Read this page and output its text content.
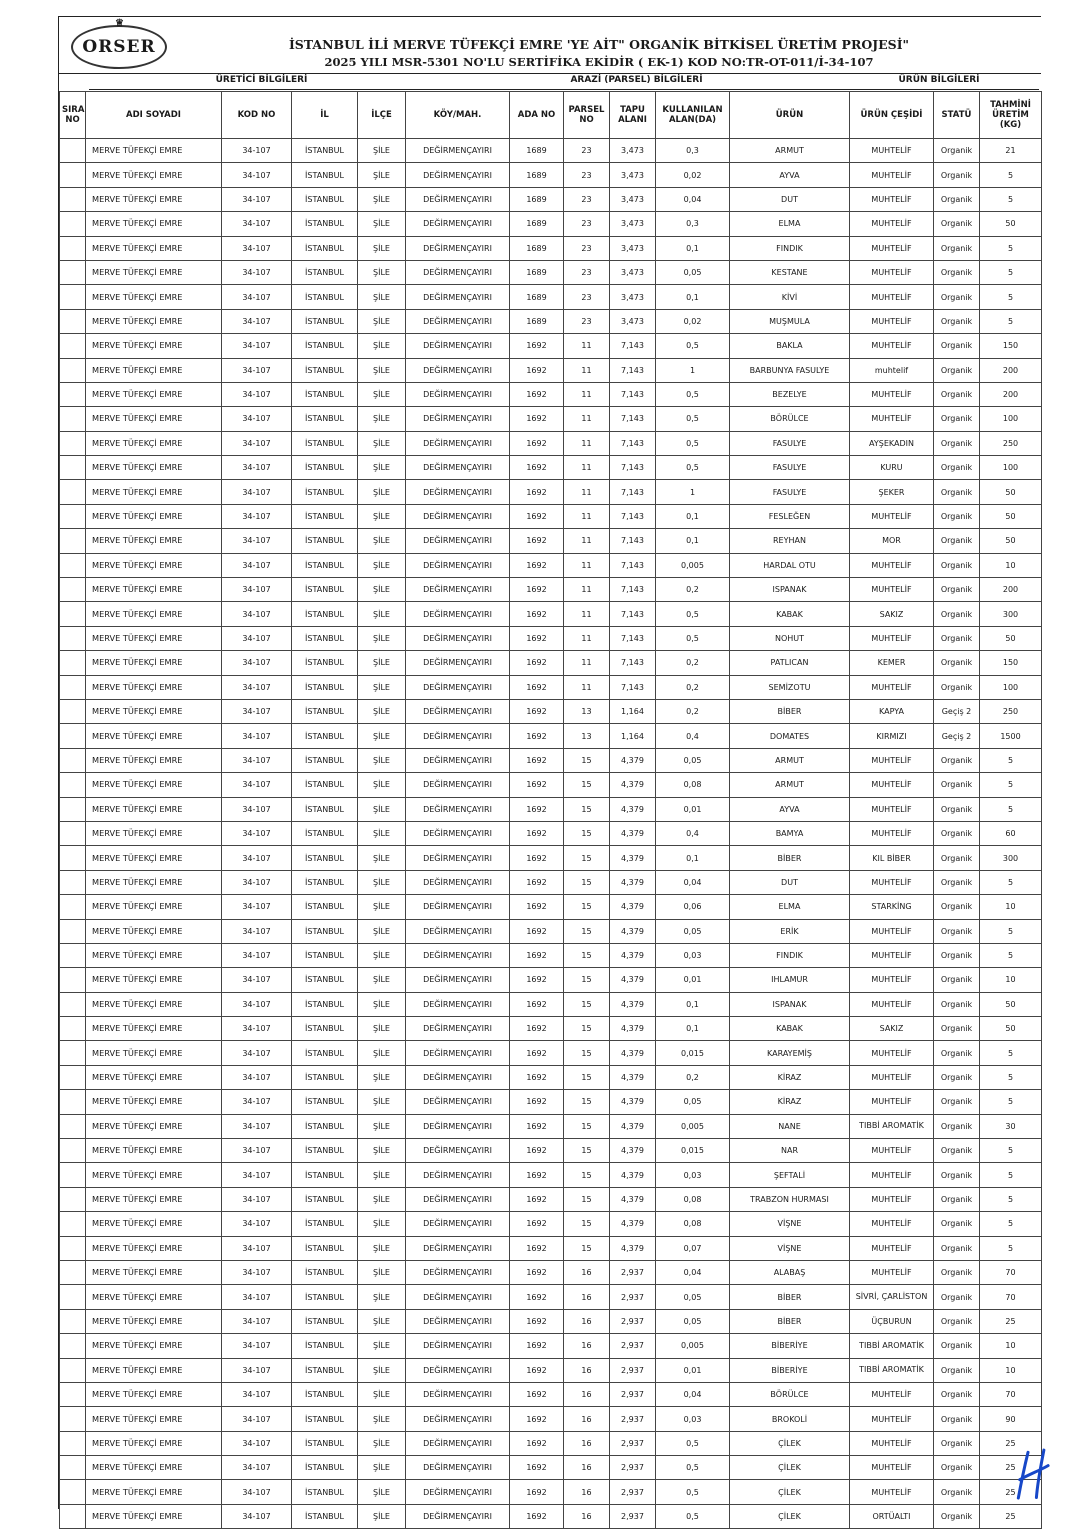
♕
ORSER	İSTANBUL İLİ MERVE TÜFEKÇİ EMRE 'YE AİT" ORGANİK BİTKİSEL ÜRETİM PROJESİ"
2025 YILI MSR-5301 NO'LU SERTİFİKA EKİDİR ( EK-1) KOD NO:TR-OT-011/İ-34-107
ÜRETİCİ BİLGİLERİ	ARAZİ (PARSEL) BİLGİLERİ	ÜRÜN BİLGİLERİ
SIRA NO	ADI SOYADI	KOD NO	İL	İLÇE	KÖY/MAH.	ADA NO	PARSEL NO	TAPU ALANI	KULLANILAN ALAN(DA)	ÜRÜN	ÜRÜN ÇEŞİDİ	STATÜ	TAHMİNİ ÜRETİM (KG)
	MERVE TÜFEKÇİ EMRE	34-107	İSTANBUL	ŞİLE	DEĞİRMENÇAYIRI	1689	23	3,473	0,3	ARMUT	MUHTELİF	Organik	21
	MERVE TÜFEKÇİ EMRE	34-107	İSTANBUL	ŞİLE	DEĞİRMENÇAYIRI	1689	23	3,473	0,02	AYVA	MUHTELİF	Organik	5
	MERVE TÜFEKÇİ EMRE	34-107	İSTANBUL	ŞİLE	DEĞİRMENÇAYIRI	1689	23	3,473	0,04	DUT	MUHTELİF	Organik	5
	MERVE TÜFEKÇİ EMRE	34-107	İSTANBUL	ŞİLE	DEĞİRMENÇAYIRI	1689	23	3,473	0,3	ELMA	MUHTELİF	Organik	50
	MERVE TÜFEKÇİ EMRE	34-107	İSTANBUL	ŞİLE	DEĞİRMENÇAYIRI	1689	23	3,473	0,1	FINDIK	MUHTELİF	Organik	5
	MERVE TÜFEKÇİ EMRE	34-107	İSTANBUL	ŞİLE	DEĞİRMENÇAYIRI	1689	23	3,473	0,05	KESTANE	MUHTELİF	Organik	5
	MERVE TÜFEKÇİ EMRE	34-107	İSTANBUL	ŞİLE	DEĞİRMENÇAYIRI	1689	23	3,473	0,1	KİVİ	MUHTELİF	Organik	5
	MERVE TÜFEKÇİ EMRE	34-107	İSTANBUL	ŞİLE	DEĞİRMENÇAYIRI	1689	23	3,473	0,02	MUŞMULA	MUHTELİF	Organik	5
	MERVE TÜFEKÇİ EMRE	34-107	İSTANBUL	ŞİLE	DEĞİRMENÇAYIRI	1692	11	7,143	0,5	BAKLA	MUHTELİF	Organik	150
	MERVE TÜFEKÇİ EMRE	34-107	İSTANBUL	ŞİLE	DEĞİRMENÇAYIRI	1692	11	7,143	1	BARBUNYA FASULYE	muhtelif	Organik	200
	MERVE TÜFEKÇİ EMRE	34-107	İSTANBUL	ŞİLE	DEĞİRMENÇAYIRI	1692	11	7,143	0,5	BEZELYE	MUHTELİF	Organik	200
	MERVE TÜFEKÇİ EMRE	34-107	İSTANBUL	ŞİLE	DEĞİRMENÇAYIRI	1692	11	7,143	0,5	BÖRÜLCE	MUHTELİF	Organik	100
	MERVE TÜFEKÇİ EMRE	34-107	İSTANBUL	ŞİLE	DEĞİRMENÇAYIRI	1692	11	7,143	0,5	FASULYE	AYŞEKADIN	Organik	250
	MERVE TÜFEKÇİ EMRE	34-107	İSTANBUL	ŞİLE	DEĞİRMENÇAYIRI	1692	11	7,143	0,5	FASULYE	KURU	Organik	100
	MERVE TÜFEKÇİ EMRE	34-107	İSTANBUL	ŞİLE	DEĞİRMENÇAYIRI	1692	11	7,143	1	FASULYE	ŞEKER	Organik	50
	MERVE TÜFEKÇİ EMRE	34-107	İSTANBUL	ŞİLE	DEĞİRMENÇAYIRI	1692	11	7,143	0,1	FESLEĞEN	MUHTELİF	Organik	50
	MERVE TÜFEKÇİ EMRE	34-107	İSTANBUL	ŞİLE	DEĞİRMENÇAYIRI	1692	11	7,143	0,1	REYHAN	MOR	Organik	50
	MERVE TÜFEKÇİ EMRE	34-107	İSTANBUL	ŞİLE	DEĞİRMENÇAYIRI	1692	11	7,143	0,005	HARDAL OTU	MUHTELİF	Organik	10
	MERVE TÜFEKÇİ EMRE	34-107	İSTANBUL	ŞİLE	DEĞİRMENÇAYIRI	1692	11	7,143	0,2	ISPANAK	MUHTELİF	Organik	200
	MERVE TÜFEKÇİ EMRE	34-107	İSTANBUL	ŞİLE	DEĞİRMENÇAYIRI	1692	11	7,143	0,5	KABAK	SAKIZ	Organik	300
	MERVE TÜFEKÇİ EMRE	34-107	İSTANBUL	ŞİLE	DEĞİRMENÇAYIRI	1692	11	7,143	0,5	NOHUT	MUHTELİF	Organik	50
	MERVE TÜFEKÇİ EMRE	34-107	İSTANBUL	ŞİLE	DEĞİRMENÇAYIRI	1692	11	7,143	0,2	PATLICAN	KEMER	Organik	150
	MERVE TÜFEKÇİ EMRE	34-107	İSTANBUL	ŞİLE	DEĞİRMENÇAYIRI	1692	11	7,143	0,2	SEMİZOTU	MUHTELİF	Organik	100
	MERVE TÜFEKÇİ EMRE	34-107	İSTANBUL	ŞİLE	DEĞİRMENÇAYIRI	1692	13	1,164	0,2	BİBER	KAPYA	Geçiş 2	250
	MERVE TÜFEKÇİ EMRE	34-107	İSTANBUL	ŞİLE	DEĞİRMENÇAYIRI	1692	13	1,164	0,4	DOMATES	KIRMIZI	Geçiş 2	1500
	MERVE TÜFEKÇİ EMRE	34-107	İSTANBUL	ŞİLE	DEĞİRMENÇAYIRI	1692	15	4,379	0,05	ARMUT	MUHTELİF	Organik	5
	MERVE TÜFEKÇİ EMRE	34-107	İSTANBUL	ŞİLE	DEĞİRMENÇAYIRI	1692	15	4,379	0,08	ARMUT	MUHTELİF	Organik	5
	MERVE TÜFEKÇİ EMRE	34-107	İSTANBUL	ŞİLE	DEĞİRMENÇAYIRI	1692	15	4,379	0,01	AYVA	MUHTELİF	Organik	5
	MERVE TÜFEKÇİ EMRE	34-107	İSTANBUL	ŞİLE	DEĞİRMENÇAYIRI	1692	15	4,379	0,4	BAMYA	MUHTELİF	Organik	60
	MERVE TÜFEKÇİ EMRE	34-107	İSTANBUL	ŞİLE	DEĞİRMENÇAYIRI	1692	15	4,379	0,1	BİBER	KIL BİBER	Organik	300
	MERVE TÜFEKÇİ EMRE	34-107	İSTANBUL	ŞİLE	DEĞİRMENÇAYIRI	1692	15	4,379	0,04	DUT	MUHTELİF	Organik	5
	MERVE TÜFEKÇİ EMRE	34-107	İSTANBUL	ŞİLE	DEĞİRMENÇAYIRI	1692	15	4,379	0,06	ELMA	STARKİNG	Organik	10
	MERVE TÜFEKÇİ EMRE	34-107	İSTANBUL	ŞİLE	DEĞİRMENÇAYIRI	1692	15	4,379	0,05	ERİK	MUHTELİF	Organik	5
	MERVE TÜFEKÇİ EMRE	34-107	İSTANBUL	ŞİLE	DEĞİRMENÇAYIRI	1692	15	4,379	0,03	FINDIK	MUHTELİF	Organik	5
	MERVE TÜFEKÇİ EMRE	34-107	İSTANBUL	ŞİLE	DEĞİRMENÇAYIRI	1692	15	4,379	0,01	IHLAMUR	MUHTELİF	Organik	10
	MERVE TÜFEKÇİ EMRE	34-107	İSTANBUL	ŞİLE	DEĞİRMENÇAYIRI	1692	15	4,379	0,1	ISPANAK	MUHTELİF	Organik	50
	MERVE TÜFEKÇİ EMRE	34-107	İSTANBUL	ŞİLE	DEĞİRMENÇAYIRI	1692	15	4,379	0,1	KABAK	SAKIZ	Organik	50
	MERVE TÜFEKÇİ EMRE	34-107	İSTANBUL	ŞİLE	DEĞİRMENÇAYIRI	1692	15	4,379	0,015	KARAYEMİŞ	MUHTELİF	Organik	5
	MERVE TÜFEKÇİ EMRE	34-107	İSTANBUL	ŞİLE	DEĞİRMENÇAYIRI	1692	15	4,379	0,2	KİRAZ	MUHTELİF	Organik	5
	MERVE TÜFEKÇİ EMRE	34-107	İSTANBUL	ŞİLE	DEĞİRMENÇAYIRI	1692	15	4,379	0,05	KİRAZ	MUHTELİF	Organik	5
	MERVE TÜFEKÇİ EMRE	34-107	İSTANBUL	ŞİLE	DEĞİRMENÇAYIRI	1692	15	4,379	0,005	NANE	TIBBİ AROMATİK	Organik	30
	MERVE TÜFEKÇİ EMRE	34-107	İSTANBUL	ŞİLE	DEĞİRMENÇAYIRI	1692	15	4,379	0,015	NAR	MUHTELİF	Organik	5
	MERVE TÜFEKÇİ EMRE	34-107	İSTANBUL	ŞİLE	DEĞİRMENÇAYIRI	1692	15	4,379	0,03	ŞEFTALİ	MUHTELİF	Organik	5
	MERVE TÜFEKÇİ EMRE	34-107	İSTANBUL	ŞİLE	DEĞİRMENÇAYIRI	1692	15	4,379	0,08	TRABZON HURMASI	MUHTELİF	Organik	5
	MERVE TÜFEKÇİ EMRE	34-107	İSTANBUL	ŞİLE	DEĞİRMENÇAYIRI	1692	15	4,379	0,08	VİŞNE	MUHTELİF	Organik	5
	MERVE TÜFEKÇİ EMRE	34-107	İSTANBUL	ŞİLE	DEĞİRMENÇAYIRI	1692	15	4,379	0,07	VİŞNE	MUHTELİF	Organik	5
	MERVE TÜFEKÇİ EMRE	34-107	İSTANBUL	ŞİLE	DEĞİRMENÇAYIRI	1692	16	2,937	0,04	ALABAŞ	MUHTELİF	Organik	70
	MERVE TÜFEKÇİ EMRE	34-107	İSTANBUL	ŞİLE	DEĞİRMENÇAYIRI	1692	16	2,937	0,05	BİBER	SİVRİ, ÇARLİSTON	Organik	70
	MERVE TÜFEKÇİ EMRE	34-107	İSTANBUL	ŞİLE	DEĞİRMENÇAYIRI	1692	16	2,937	0,05	BİBER	ÜÇBURUN	Organik	25
	MERVE TÜFEKÇİ EMRE	34-107	İSTANBUL	ŞİLE	DEĞİRMENÇAYIRI	1692	16	2,937	0,005	BİBERİYE	TIBBİ AROMATİK	Organik	10
	MERVE TÜFEKÇİ EMRE	34-107	İSTANBUL	ŞİLE	DEĞİRMENÇAYIRI	1692	16	2,937	0,01	BİBERİYE	TIBBİ AROMATİK	Organik	10
	MERVE TÜFEKÇİ EMRE	34-107	İSTANBUL	ŞİLE	DEĞİRMENÇAYIRI	1692	16	2,937	0,04	BÖRÜLCE	MUHTELİF	Organik	70
	MERVE TÜFEKÇİ EMRE	34-107	İSTANBUL	ŞİLE	DEĞİRMENÇAYIRI	1692	16	2,937	0,03	BROKOLİ	MUHTELİF	Organik	90
	MERVE TÜFEKÇİ EMRE	34-107	İSTANBUL	ŞİLE	DEĞİRMENÇAYIRI	1692	16	2,937	0,5	ÇİLEK	MUHTELİF	Organik	25
	MERVE TÜFEKÇİ EMRE	34-107	İSTANBUL	ŞİLE	DEĞİRMENÇAYIRI	1692	16	2,937	0,5	ÇİLEK	MUHTELİF	Organik	25
	MERVE TÜFEKÇİ EMRE	34-107	İSTANBUL	ŞİLE	DEĞİRMENÇAYIRI	1692	16	2,937	0,5	ÇİLEK	MUHTELİF	Organik	25
	MERVE TÜFEKÇİ EMRE	34-107	İSTANBUL	ŞİLE	DEĞİRMENÇAYIRI	1692	16	2,937	0,5	ÇİLEK	ORTÜALTI	Organik	25
